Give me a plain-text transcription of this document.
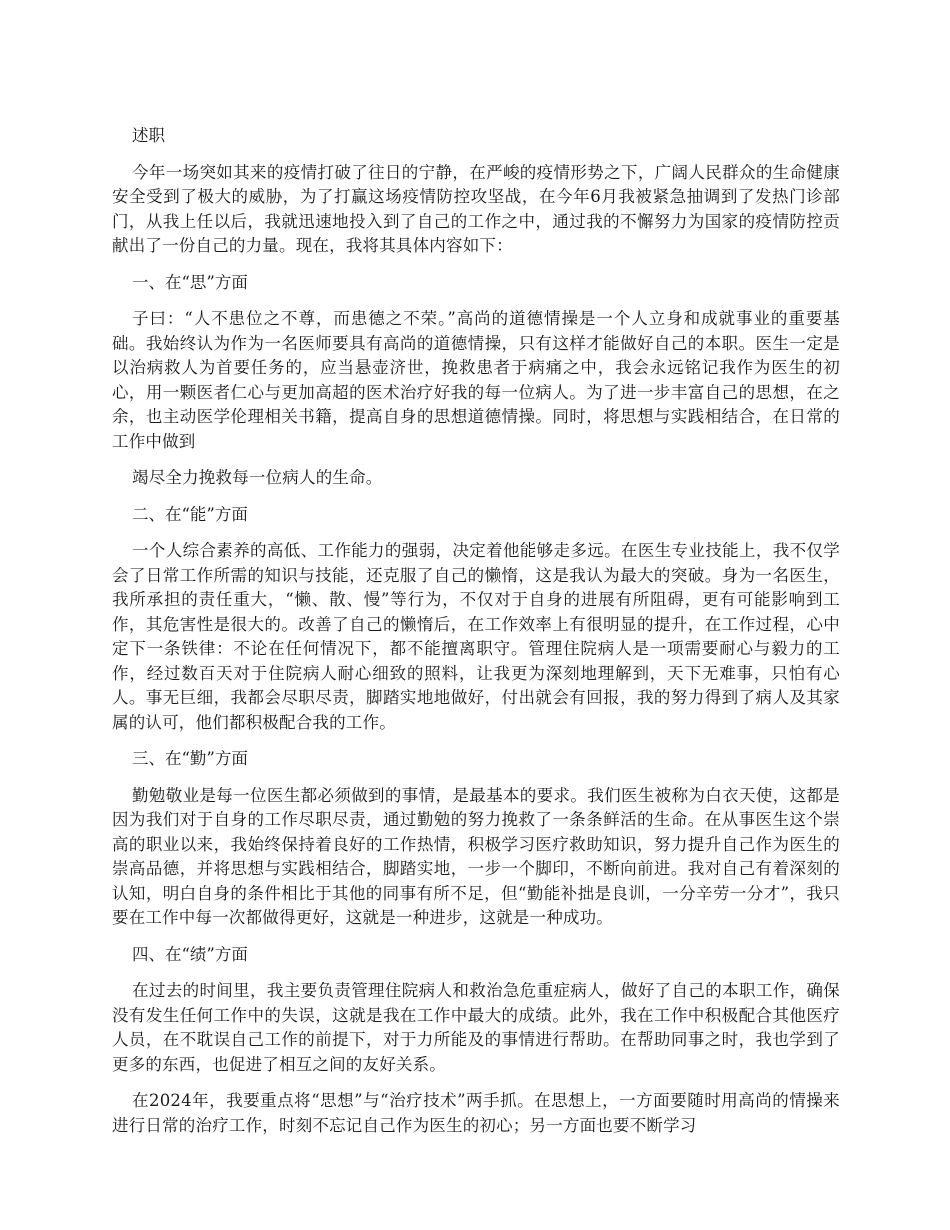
述职

今年一场突如其来的疫情打破了往日的宁静，在严峻的疫情形势之下，广阔人民群众的生命健康安全受到了极大的威胁，为了打赢这场疫情防控攻坚战，在今年6月我被紧急抽调到了发热门诊部门，从我上任以后，我就迅速地投入到了自己的工作之中，通过我的不懈努力为国家的疫情防控贡献出了一份自己的力量。现在，我将其具体内容如下：

一、在“思”方面

子曰：“人不患位之不尊，而患德之不荣。”高尚的道德情操是一个人立身和成就事业的重要基础。我始终认为作为一名医师要具有高尚的道德情操，只有这样才能做好自己的本职。医生一定是以治病救人为首要任务的，应当悬壶济世，挽救患者于病痛之中，我会永远铭记我作为医生的初心，用一颗医者仁心与更加高超的医术治疗好我的每一位病人。为了进一步丰富自己的思想，在之余，也主动医学伦理相关书籍，提高自身的思想道德情操。同时，将思想与实践相结合，在日常的工作中做到

竭尽全力挽救每一位病人的生命。

二、在“能”方面

一个人综合素养的高低、工作能力的强弱，决定着他能够走多远。在医生专业技能上，我不仅学会了日常工作所需的知识与技能，还克服了自己的懒惰，这是我认为最大的突破。身为一名医生，我所承担的责任重大，“懒、散、慢”等行为，不仅对于自身的进展有所阻碍，更有可能影响到工作，其危害性是很大的。改善了自己的懒惰后，在工作效率上有很明显的提升，在工作过程，心中定下一条铁律：不论在任何情况下，都不能擅离职守。管理住院病人是一项需要耐心与毅力的工作，经过数百天对于住院病人耐心细致的照料，让我更为深刻地理解到，天下无难事，只怕有心人。事无巨细，我都会尽职尽责，脚踏实地地做好，付出就会有回报，我的努力得到了病人及其家属的认可，他们都积极配合我的工作。

三、在“勤”方面

勤勉敬业是每一位医生都必须做到的事情，是最基本的要求。我们医生被称为白衣天使，这都是因为我们对于自身的工作尽职尽责，通过勤勉的努力挽救了一条条鲜活的生命。在从事医生这个崇高的职业以来，我始终保持着良好的工作热情，积极学习医疗救助知识，努力提升自己作为医生的崇高品德，并将思想与实践相结合，脚踏实地，一步一个脚印，不断向前进。我对自己有着深刻的认知，明白自身的条件相比于其他的同事有所不足，但“勤能补拙是良训，一分辛劳一分才”，我只要在工作中每一次都做得更好，这就是一种进步，这就是一种成功。

四、在“绩”方面

在过去的时间里，我主要负责管理住院病人和救治急危重症病人，做好了自己的本职工作，确保没有发生任何工作中的失误，这就是我在工作中最大的成绩。此外，我在工作中积极配合其他医疗人员，在不耽误自己工作的前提下，对于力所能及的事情进行帮助。在帮助同事之时，我也学到了更多的东西，也促进了相互之间的友好关系。

在2024年，我要重点将“思想”与“治疗技术”两手抓。在思想上，一方面要随时用高尚的情操来进行日常的治疗工作，时刻不忘记自己作为医生的初心；另一方面也要不断学习
